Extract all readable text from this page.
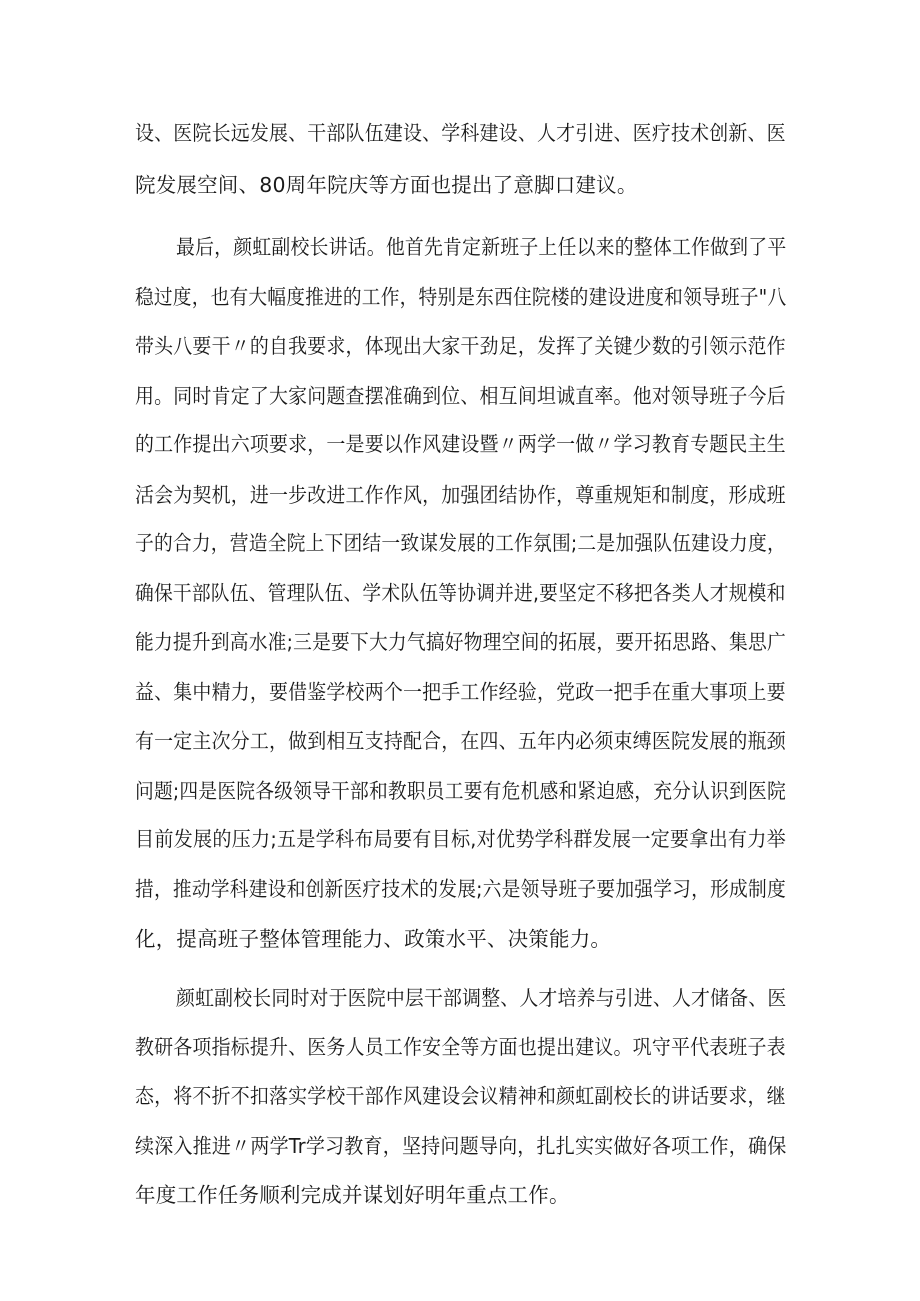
设、医院长远发展、干部队伍建设、学科建设、人才引进、医疗技术创新、医
院发展空间、80周年院庆等方面也提出了意脚口建议。
最后，颜虹副校长讲话。他首先肯定新班子上任以来的整体工作做到了平
稳过度，也有大幅度推进的工作，特别是东西住院楼的建设进度和领导班子"八
带头八要干〃的自我要求，体现出大家干劲足，发挥了关键少数的引领示范作
用。同时肯定了大家问题查摆准确到位、相互间坦诚直率。他对领导班子今后
的工作提出六项要求，一是要以作风建设暨〃两学一做〃学习教育专题民主生
活会为契机，进一步改进工作作风，加强团结协作，尊重规矩和制度，形成班
子的合力，营造全院上下团结一致谋发展的工作氛围;二是加强队伍建设力度，
确保干部队伍、管理队伍、学术队伍等协调并进,要坚定不移把各类人才规模和
能力提升到高水准;三是要下大力气搞好物理空间的拓展，要开拓思路、集思广
益、集中精力，要借鉴学校两个一把手工作经验，党政一把手在重大事项上要
有一定主次分工，做到相互支持配合，在四、五年内必须束缚医院发展的瓶颈
问题;四是医院各级领导干部和教职员工要有危机感和紧迫感，充分认识到医院
目前发展的压力;五是学科布局要有目标,对优势学科群发展一定要拿出有力举
措，推动学科建设和创新医疗技术的发展;六是领导班子要加强学习，形成制度
化，提高班子整体管理能力、政策水平、决策能力。
颜虹副校长同时对于医院中层干部调整、人才培养与引进、人才储备、医
教研各项指标提升、医务人员工作安全等方面也提出建议。巩守平代表班子表
态，将不折不扣落实学校干部作风建设会议精神和颜虹副校长的讲话要求，继
续深入推进〃两学Tr学习教育，坚持问题导向，扎扎实实做好各项工作，确保
年度工作任务顺利完成并谋划好明年重点工作。
